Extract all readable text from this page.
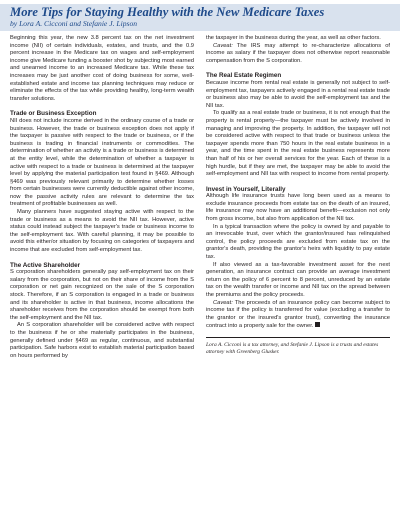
More Tips for Staying Healthy with the New Medicare Taxes
by Lora A. Cicconi and Stefanie J. Lipson

Beginning this year, the new 3.8 percent tax on the net investment income (NII) of certain individuals, estates, and trusts, and the 0.9 percent increase in the Medicare tax on wages and self-employment income give Medicare funding a booster shot by subjecting most earned and unearned income to an increased Medicare tax. While these tax increases may be just another cost of doing business for some, well-established estate and income tax planning techniques may reduce or eliminate the effects of the tax while providing healthy, long-term wealth transfer solutions.

Trade or Business Exception

NII does not include income derived in the ordinary course of a trade or business. However, the trade or business exception does not apply if the taxpayer is passive with respect to the trade or business, or if the business is trading in financial instruments or commodities. The determination of whether an activity is a trade or business is determined at the entity level, while the determination of whether a taxpayer is active with respect to a trade or business is determined at the taxpayer level by applying the material participation test found in §469. Although §469 was previously relevant primarily to determine whether losses from certain businesses were currently deductible against other income, now the passive activity rules are relevant to determine the tax treatment of profitable businesses as well.

Many planners have suggested staying active with respect to the trade or business as a means to avoid the NII tax. However, active status could instead subject the taxpayer's trade or business income to the self-employment tax. With careful planning, it may be possible to avoid this either/or situation by focusing on categories of taxpayers and income that are excluded from self-employment tax.

The Active Shareholder

S corporation shareholders generally pay self-employment tax on their salary from the corporation, but not on their share of income from the S corporation or net gain recognized on the sale of the S corporation stock. Therefore, if an S corporation is engaged in a trade or business and its shareholder is active in that business, income allocations the shareholder receives from the corporation should be exempt from both the self-employment and the NII tax.

An S corporation shareholder will be considered active with respect to the business if he or she materially participates in the business, generally defined under §469 as regular, continuous, and substantial participation. Safe harbors exist to establish material participation based on hours performed by

the taxpayer in the business during the year, as well as other factors.

Caveat: The IRS may attempt to re-characterize allocations of income as salary if the taxpayer does not otherwise report reasonable compensation from the S corporation.

The Real Estate Regimen

Because income from rental real estate is generally not subject to self-employment tax, taxpayers actively engaged in a rental real estate trade or business also may be able to avoid the self-employment tax and the NII tax.

To qualify as a real estate trade or business, it is not enough that the property is rental property—the taxpayer must be actively involved in managing and improving the property. In addition, the taxpayer will not be considered active with respect to that trade or business unless the taxpayer spends more than 750 hours in the real estate business in a year, and the time spent in the real estate business represents more than half of his or her overall services for the year. Each of these is a high hurdle, but if they are met, the taxpayer may be able to avoid the self-employment and NII tax with respect to income from rental property.

Invest in Yourself, Literally

Although life insurance trusts have long been used as a means to exclude insurance proceeds from estate tax on the death of an insured, life insurance may now have an additional benefit—exclusion not only from gross income, but also from application of the NII tax.

In a typical transaction where the policy is owned by and payable to an irrevocable trust, over which the grantor/insured has relinquished control, the policy proceeds are excluded from estate tax on the grantor's death, providing the grantor's heirs with liquidity to pay estate tax.

If also viewed as a tax-favorable investment asset for the next generation, an insurance contract can provide an average investment return on the policy of 6 percent to 8 percent, unreduced by an estate tax on the wealth transfer or income and NII tax on the spread between the premiums and the policy proceeds.

Caveat: The proceeds of an insurance policy can become subject to income tax if the policy is transferred for value (excluding a transfer to the grantor or the insured's grantor trust), converting the insurance contract into a property sale for the owner.

Lora A. Cicconi is a tax attorney, and Stefanie J. Lipson is a trusts and estates attorney with Greenberg Glusker.
